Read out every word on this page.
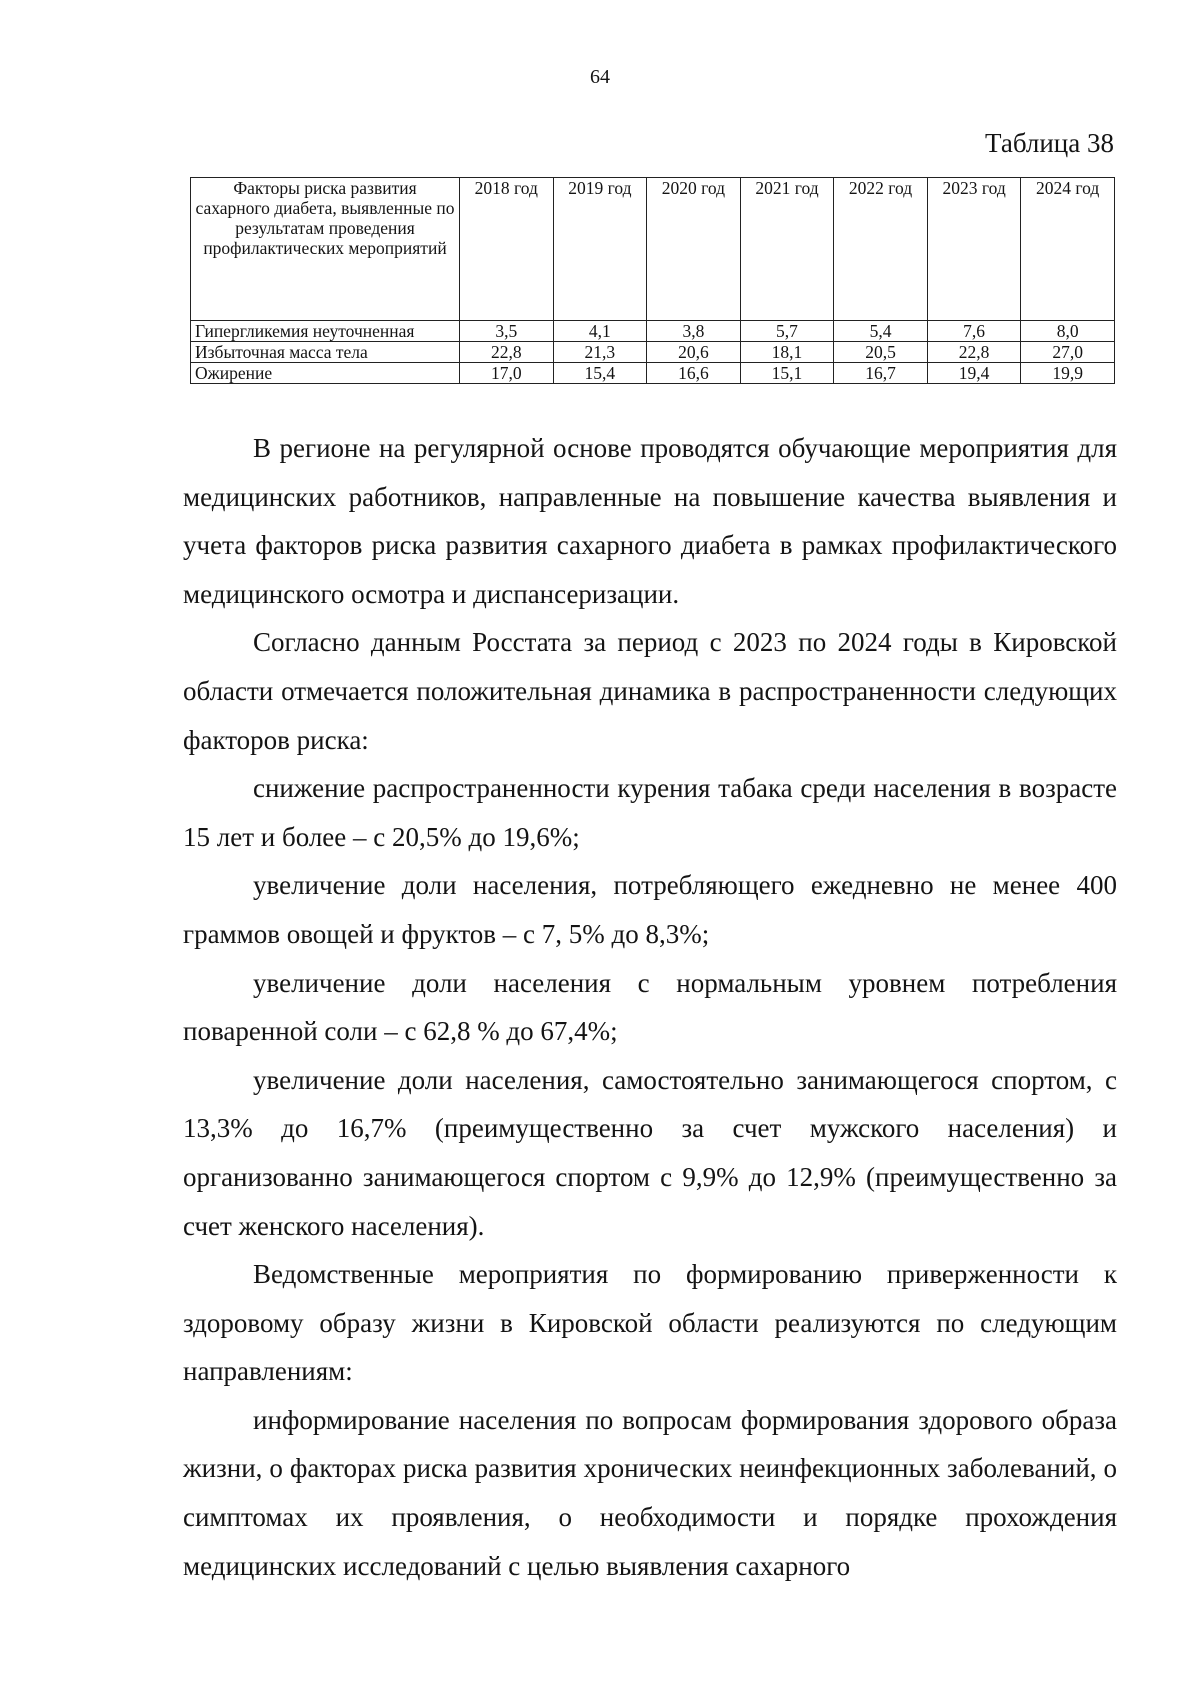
64
Таблица 38
Факторы риска развития сахарного диабета, выявленные по результатам проведения профилактических мероприятий	2018 год	2019 год	2020 год	2021 год	2022 год	2023 год	2024 год
Гипергликемия неуточненная	3,5	4,1	3,8	5,7	5,4	7,6	8,0
Избыточная масса тела	22,8	21,3	20,6	18,1	20,5	22,8	27,0
Ожирение	17,0	15,4	16,6	15,1	16,7	19,4	19,9

В регионе на регулярной основе проводятся обучающие мероприятия для медицинских работников, направленные на повышение качества выявления и учета факторов риска развития сахарного диабета в рамках профилактического медицинского осмотра и диспансеризации.

Согласно данным Росстата за период с 2023 по 2024 годы в Кировской области отмечается положительная динамика в распространенности следующих факторов риска:

снижение распространенности курения табака среди населения в возрасте 15 лет и более – с 20,5% до 19,6%;

увеличение доли населения, потребляющего ежедневно не менее 400 граммов овощей и фруктов – с 7, 5% до 8,3%;

увеличение доли населения с нормальным уровнем потребления поваренной соли – с 62,8 % до 67,4%;

увеличение доли населения, самостоятельно занимающегося спортом, с 13,3% до 16,7% (преимущественно за счет мужского населения) и организованно занимающегося спортом с 9,9% до 12,9% (преимущественно за счет женского населения).

Ведомственные мероприятия по формированию приверженности к здоровому образу жизни в Кировской области реализуются по следующим направлениям:

информирование населения по вопросам формирования здорового образа жизни, о факторах риска развития хронических неинфекционных заболеваний, о симптомах их проявления, о необходимости и порядке прохождения медицинских исследований с целью выявления сахарного
